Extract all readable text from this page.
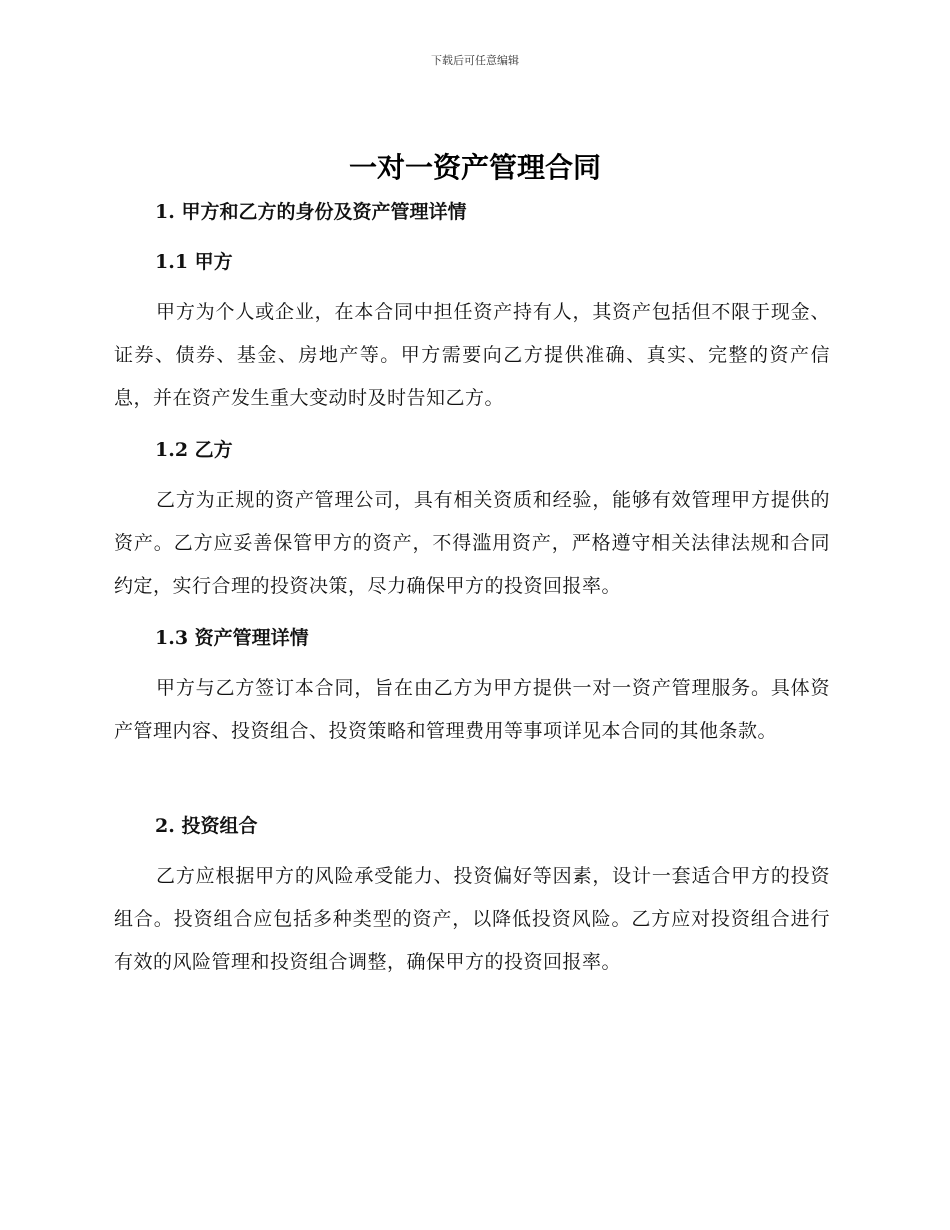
下载后可任意编辑
一对一资产管理合同
1. 甲方和乙方的身份及资产管理详情
1.1 甲方

甲方为个人或企业，在本合同中担任资产持有人，其资产包括但不限于现金、证券、债券、基金、房地产等。甲方需要向乙方提供准确、真实、完整的资产信息，并在资产发生重大变动时及时告知乙方。

1.2 乙方

乙方为正规的资产管理公司，具有相关资质和经验，能够有效管理甲方提供的资产。乙方应妥善保管甲方的资产，不得滥用资产，严格遵守相关法律法规和合同约定，实行合理的投资决策，尽力确保甲方的投资回报率。

1.3 资产管理详情

甲方与乙方签订本合同，旨在由乙方为甲方提供一对一资产管理服务。具体资产管理内容、投资组合、投资策略和管理费用等事项详见本合同的其他条款。

2. 投资组合

乙方应根据甲方的风险承受能力、投资偏好等因素，设计一套适合甲方的投资组合。投资组合应包括多种类型的资产，以降低投资风险。乙方应对投资组合进行有效的风险管理和投资组合调整，确保甲方的投资回报率。
